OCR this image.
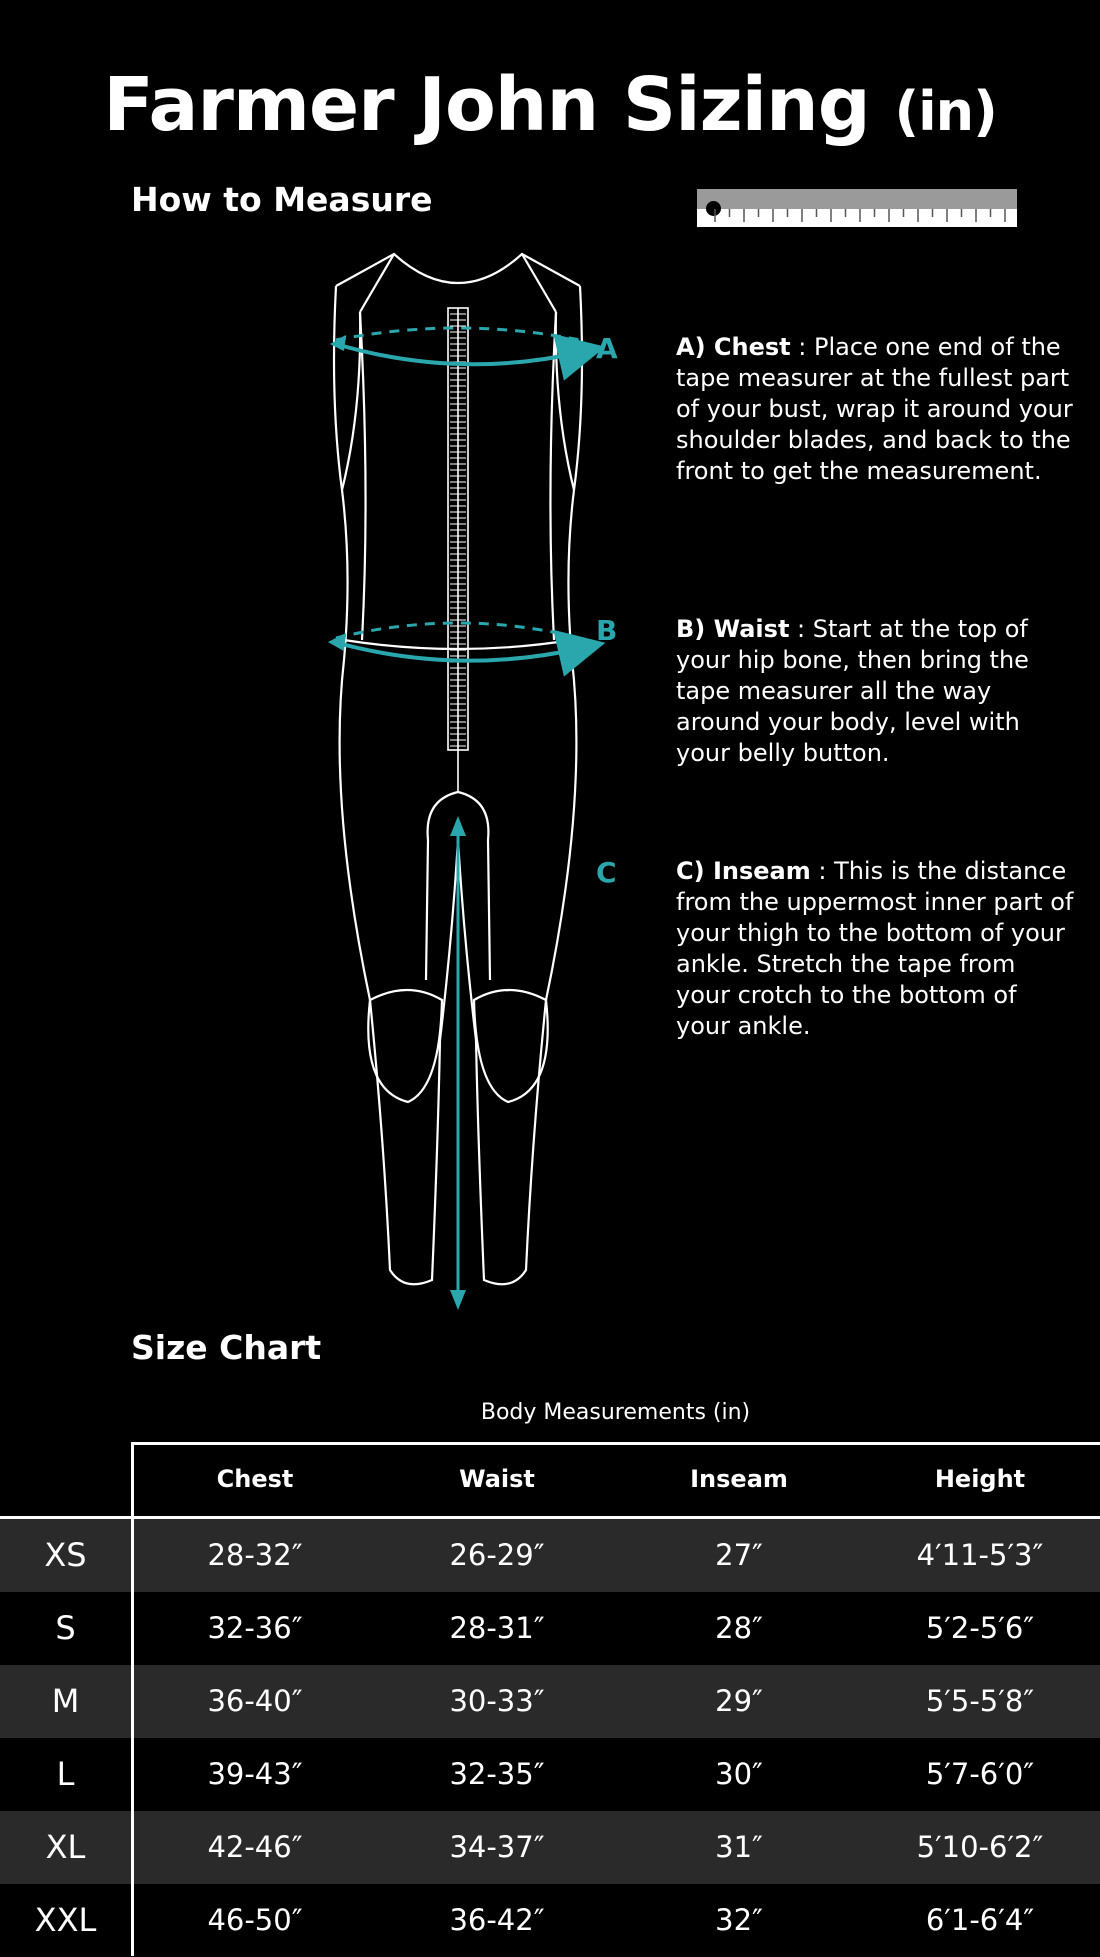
Farmer John Sizing (in)
How to Measure
A
B
C
A) Chest : Place one end of the tape measurer at the fullest part of your bust, wrap it around your shoulder blades, and back to the front to get the measurement.
B) Waist : Start at the top of your hip bone, then bring the tape measurer all the way around your body, level with your belly button.
C) Inseam : This is the distance from the uppermost inner part of your thigh to the bottom of your ankle. Stretch the tape from your crotch to the bottom of your ankle.
Size Chart
Body Measurements (in)
Chest	Waist	Inseam	Height
XS	28-32″	26-29″	27″	4′11-5′3″
S	32-36″	28-31″	28″	5′2-5′6″
M	36-40″	30-33″	29″	5′5-5′8″
L	39-43″	32-35″	30″	5′7-6′0″
XL	42-46″	34-37″	31″	5′10-6′2″
XXL	46-50″	36-42″	32″	6′1-6′4″
